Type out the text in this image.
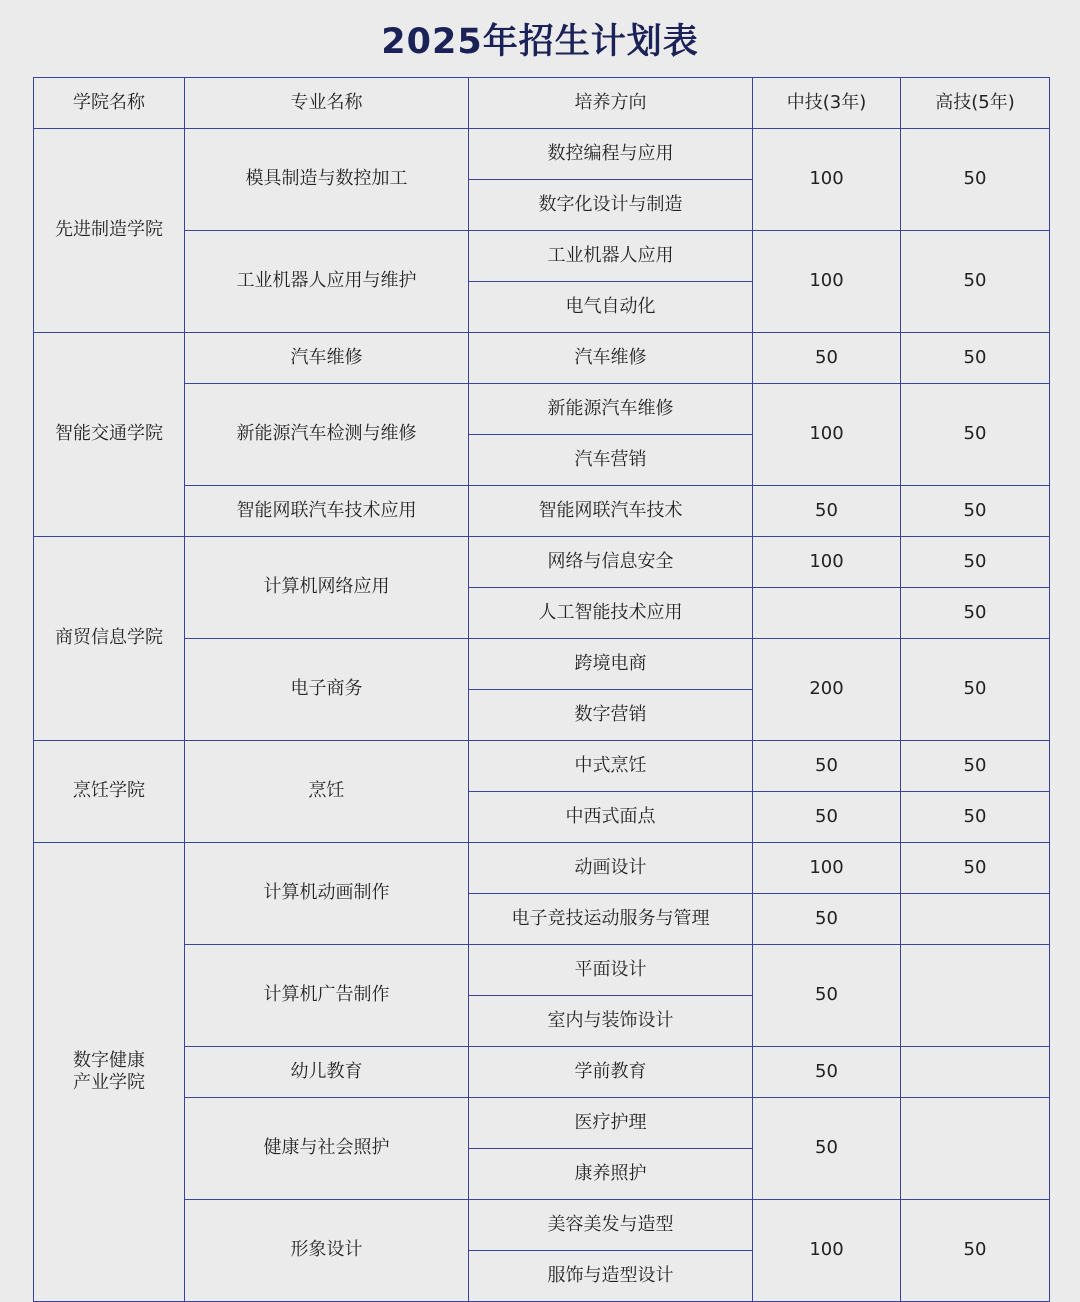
2025年招生计划表
学院名称	专业名称	培养方向	中技(3年)	高技(5年)
先进制造学院	模具制造与数控加工	数控编程与应用	100	50
		数字化设计与制造		
	工业机器人应用与维护	工业机器人应用	100	50
		电气自动化		
智能交通学院	汽车维修	汽车维修	50	50
	新能源汽车检测与维修	新能源汽车维修	100	50
		汽车营销		
	智能网联汽车技术应用	智能网联汽车技术	50	50
商贸信息学院	计算机网络应用	网络与信息安全	100	50
		人工智能技术应用		50
	电子商务	跨境电商	200	50
		数字营销		
烹饪学院	烹饪	中式烹饪	50	50
		中西式面点	50	50
数字健康
产业学院	计算机动画制作	动画设计	100	50
		电子竞技运动服务与管理	50	
	计算机广告制作	平面设计	50	
		室内与装饰设计		
	幼儿教育	学前教育	50	
	健康与社会照护	医疗护理	50	
		康养照护		
	形象设计	美容美发与造型	100	50
		服饰与造型设计		
